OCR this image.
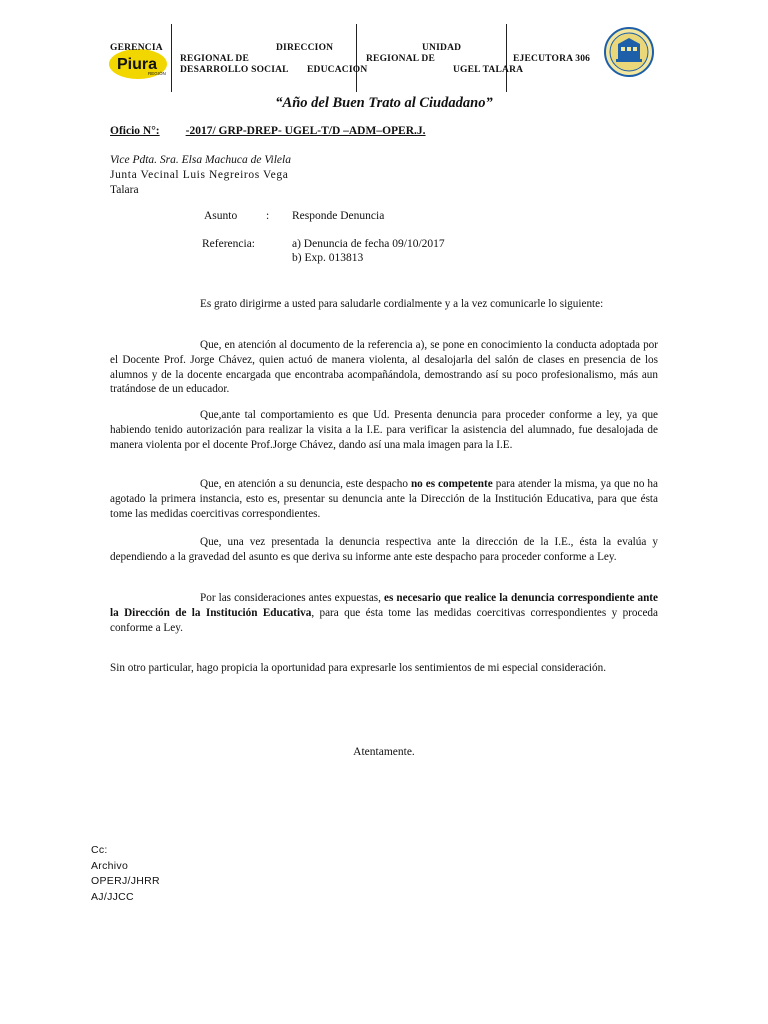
Piura
REGIÓN
GERENCIA
REGIONAL DE
DESARROLLO SOCIAL
DIRECCION
REGIONAL DE
EDUCACION
UNIDAD
EJECUTORA 306
UGEL TALARA
“Año del Buen Trato al Ciudadano”
Oficio N°: -2017/ GRP-DREP- UGEL-T/D –ADM–OPER.J.
Vice Pdta. Sra. Elsa Machuca de Vilela
Junta Vecinal Luis Negreiros Vega
Talara
Asunto	: Responde Denuncia
Referencia:	a) Denuncia de fecha 09/10/2017
b) Exp. 013813
Es grato dirigirme a usted para saludarle cordialmente y a la vez comunicarle lo siguiente:
Que, en atención al documento de la referencia a), se pone en conocimiento la conducta adoptada por el Docente Prof. Jorge Chávez, quien actuó de manera violenta, al desalojarla del salón de clases en presencia de los alumnos y de la docente encargada que encontraba acompañándola, demostrando así su poco profesionalismo, más aun tratándose de un educador.
Que,ante tal comportamiento es que Ud. Presenta denuncia para proceder conforme a ley, ya que habiendo tenido autorización para realizar la visita a la I.E. para verificar la asistencia del alumnado, fue desalojada de manera violenta por el docente Prof.Jorge Chávez, dando así una mala imagen para la I.E.
Que, en atención a su denuncia, este despacho no es competente para atender la misma, ya que no ha agotado la primera instancia, esto es, presentar su denuncia ante la Dirección de la Institución Educativa, para que ésta tome las medidas coercitivas correspondientes.
Que, una vez presentada la denuncia respectiva ante la dirección de la I.E., ésta la evalúa y dependiendo a la gravedad del asunto es que deriva su informe ante este despacho para proceder conforme a Ley.
Por las consideraciones antes expuestas, es necesario que realice la denuncia correspondiente ante la Dirección de la Institución Educativa, para que ésta tome las medidas coercitivas correspondientes y proceda conforme a Ley.
Sin otro particular, hago propicia la oportunidad para expresarle los sentimientos de mi especial consideración.
Atentamente.
Cc:
Archivo
OPERJ/JHRR
AJ/JJCC
